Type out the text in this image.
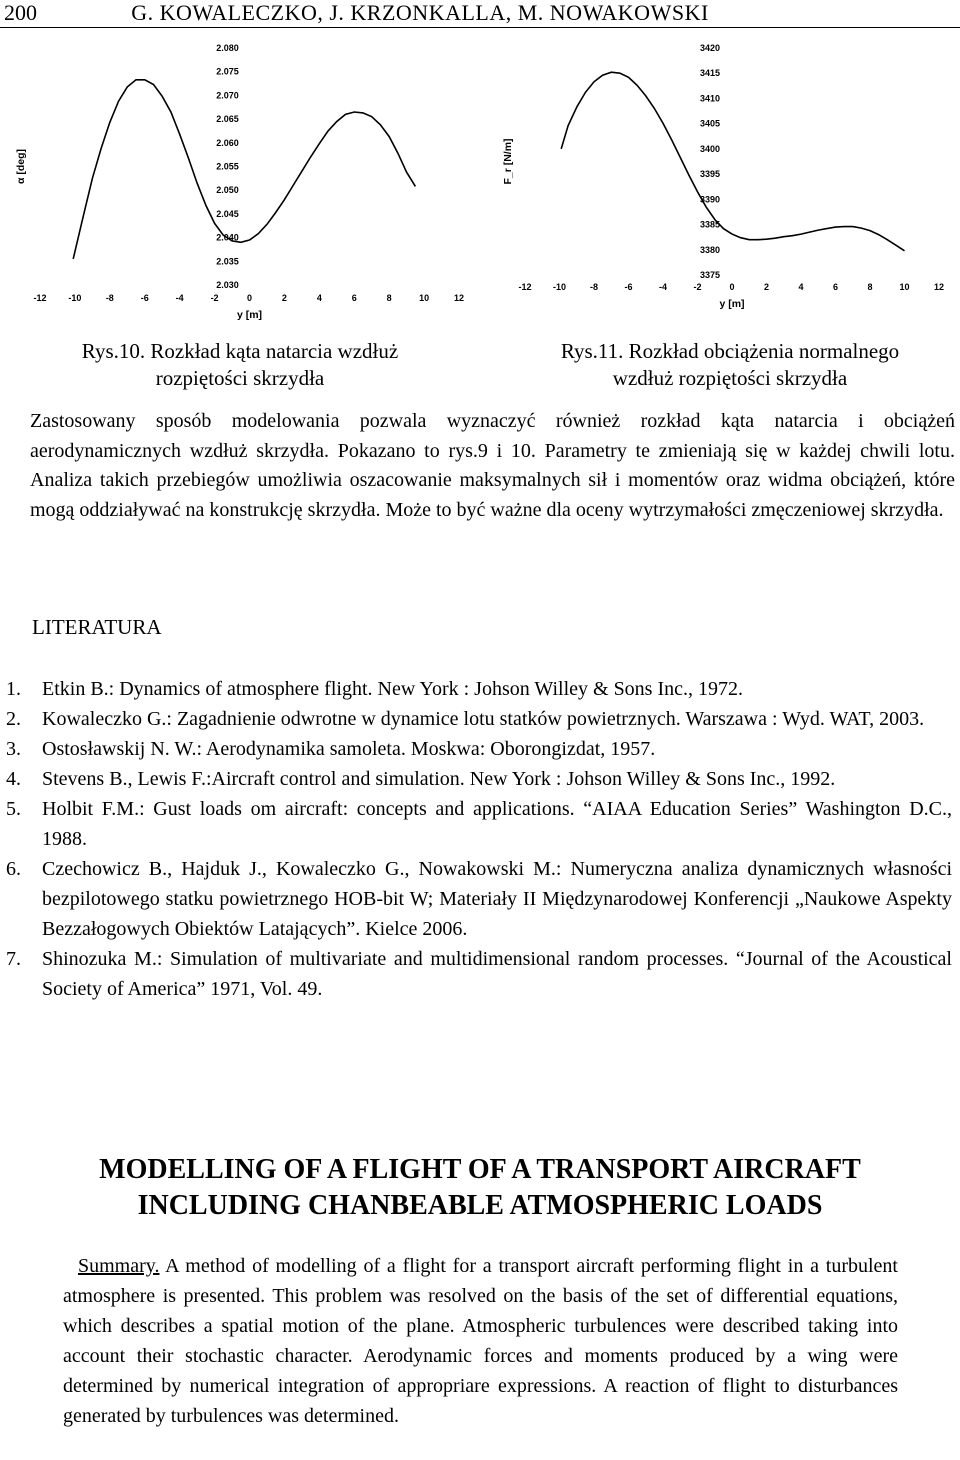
200	G. KOWALECZKO, J. KRZONKALLA, M. NOWAKOWSKI
2.030
2.035
2.040
2.045
2.050
2.055
2.060
2.065
2.070
2.075
2.080
-12 -10	-8	-6	-4	-2	0	2	4	6	8	10	12
y [m]
α [deg]
3375
3380
3385
3390
3395
3400
3405
3410
3415
3420
-12 -10	-8	-6	-4	-2	0	2	4	6	8	10	12
y [m]
F_r [N/m]
Rys.10. Rozkład kąta natarcia wzdłuż
rozpiętości skrzydła
Rys.11. Rozkład obciążenia normalnego
wzdłuż rozpiętości skrzydła
Zastosowany sposób modelowania pozwala wyznaczyć również rozkład kąta natarcia i obciążeń aerodynamicznych wzdłuż skrzydła. Pokazano to rys.9 i 10. Parametry te zmieniają się w każdej chwili lotu. Analiza takich przebiegów umożliwia oszacowanie maksymalnych sił i momentów oraz widma obciążeń, które mogą oddziaływać na konstrukcję skrzydła. Może to być ważne dla oceny wytrzymałości zmęczeniowej skrzydła.
LITERATURA
1. Etkin B.: Dynamics of atmosphere flight. New York : Johson Willey & Sons Inc., 1972.
2. Kowaleczko G.: Zagadnienie odwrotne w dynamice lotu statków powietrznych. Warszawa : Wyd. WAT, 2003.
3. Ostosławskij N. W.: Aerodynamika samoleta. Moskwa: Oborongizdat, 1957.
4. Stevens B., Lewis F.:Aircraft control and simulation. New York : Johson Willey & Sons Inc., 1992.
5. Holbit F.M.: Gust loads om aircraft: concepts and applications. “AIAA Education Series” Washington D.C., 1988.
6. Czechowicz B., Hajduk J., Kowaleczko G., Nowakowski M.: Numeryczna analiza dynamicznych własności bezpilotowego statku powietrznego HOB-bit W; Materiały II Międzynarodowej Konferencji „Naukowe Aspekty Bezzałogowych Obiektów Latających”. Kielce 2006.
7. Shinozuka M.: Simulation of multivariate and multidimensional random processes. “Journal of the Acoustical Society of America” 1971, Vol. 49.
MODELLING OF A FLIGHT OF A TRANSPORT AIRCRAFT
INCLUDING CHANBEABLE ATMOSPHERIC LOADS
Summary. A method of modelling of a flight for a transport aircraft performing flight in a turbulent atmosphere is presented. This problem was resolved on the basis of the set of differential equations, which describes a spatial motion of the plane. Atmospheric turbulences were described taking into account their stochastic character. Aerodynamic forces and moments produced by a wing were determined by numerical integration of appropriare expressions. A reaction of flight to disturbances generated by turbulences was determined.
